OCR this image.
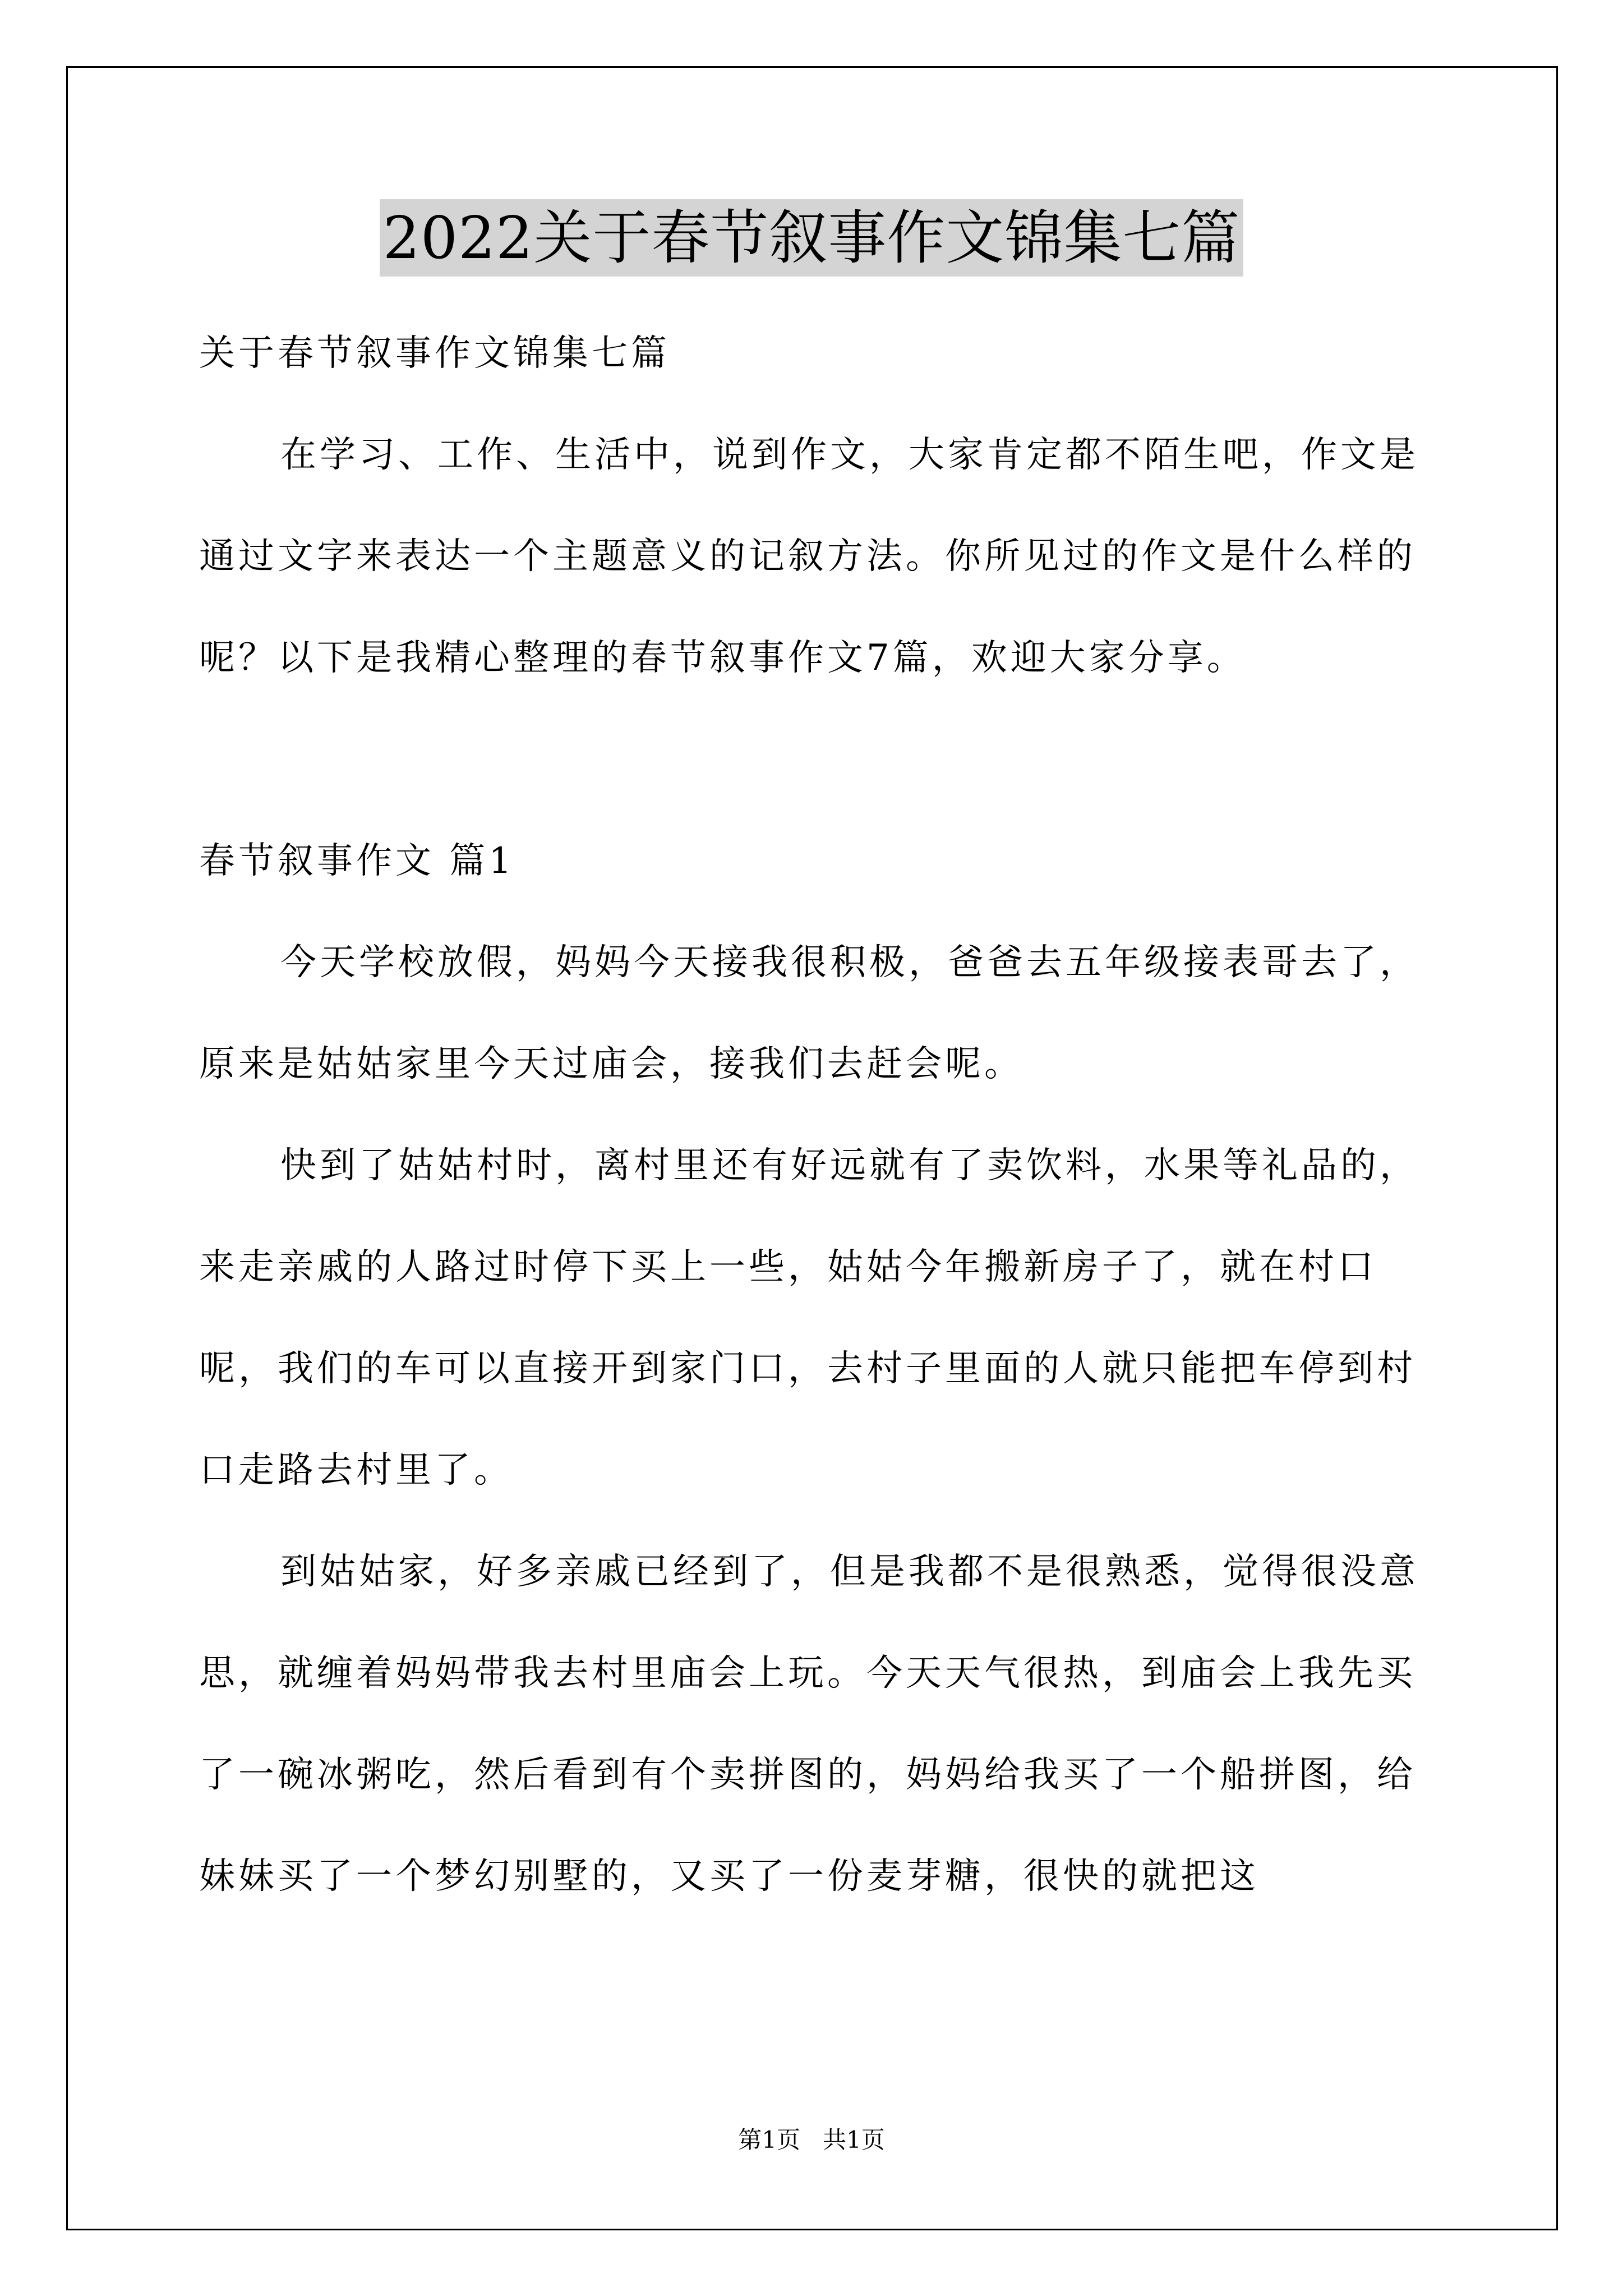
2022关于春节叙事作文锦集七篇

关于春节叙事作文锦集七篇

在学习、工作、生活中，说到作文，大家肯定都不陌生吧，作文是通过文字来表达一个主题意义的记叙方法。你所见过的作文是什么样的呢？以下是我精心整理的春节叙事作文7篇，欢迎大家分享。

春节叙事作文 篇1

今天学校放假，妈妈今天接我很积极，爸爸去五年级接表哥去了，原来是姑姑家里今天过庙会，接我们去赶会呢。

快到了姑姑村时，离村里还有好远就有了卖饮料，水果等礼品的，来走亲戚的人路过时停下买上一些，姑姑今年搬新房子了，就在村口呢，我们的车可以直接开到家门口，去村子里面的人就只能把车停到村口走路去村里了。

到姑姑家，好多亲戚已经到了，但是我都不是很熟悉，觉得很没意思，就缠着妈妈带我去村里庙会上玩。今天天气很热，到庙会上我先买了一碗冰粥吃，然后看到有个卖拼图的，妈妈给我买了一个船拼图，给妹妹买了一个梦幻别墅的，又买了一份麦芽糖，很快的就把这

第1页   共1页
